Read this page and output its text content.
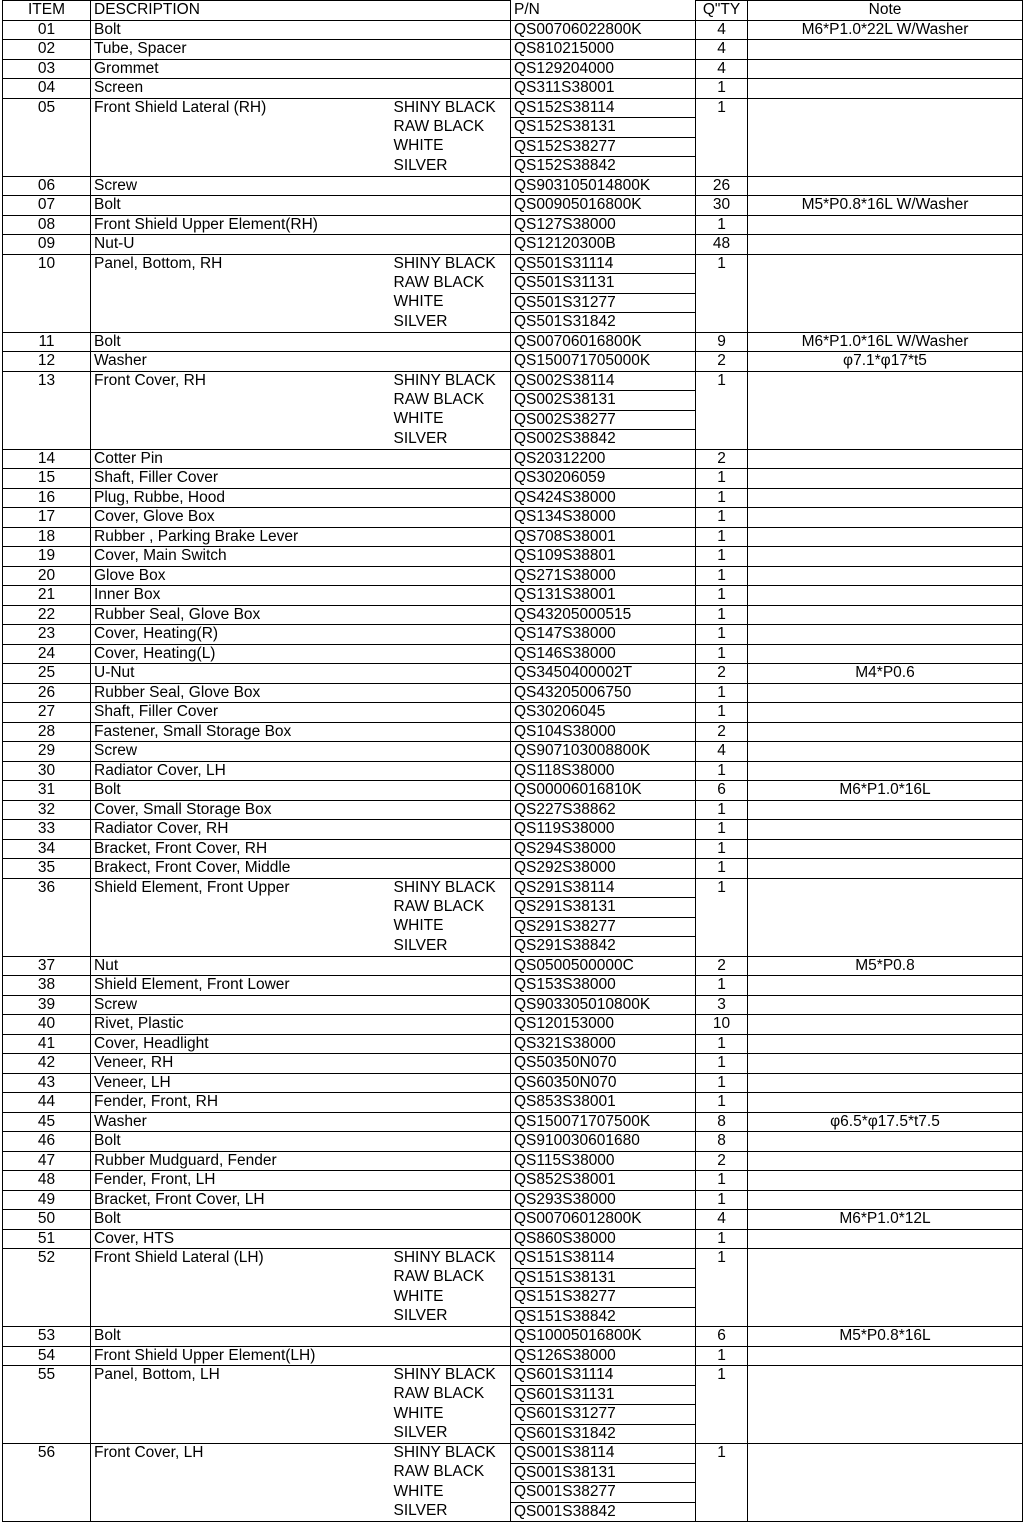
ITEM	DESCRIPTION		P/N	Q"TY	Note
01	Bolt		QS00706022800K	4	M6*P1.0*22L W/Washer
02	Tube, Spacer		QS810215000	4	
03	Grommet		QS129204000	4	
04	Screen		QS311S38001	1	
05	Front Shield Lateral (RH)	SHINY BLACK	QS152S38114	1	
		RAW BLACK	QS152S38131		
		WHITE	QS152S38277		
		SILVER	QS152S38842		
06	Screw		QS903105014800K	26	
07	Bolt		QS00905016800K	30	M5*P0.8*16L W/Washer
08	Front Shield Upper Element(RH)		QS127S38000	1	
09	Nut-U		QS12120300B	48	
10	Panel, Bottom, RH	SHINY BLACK	QS501S31114	1	
		RAW BLACK	QS501S31131		
		WHITE	QS501S31277		
		SILVER	QS501S31842		
11	Bolt		QS00706016800K	9	M6*P1.0*16L W/Washer
12	Washer		QS150071705000K	2	φ7.1*φ17*t5
13	Front Cover, RH	SHINY BLACK	QS002S38114	1	
		RAW BLACK	QS002S38131		
		WHITE	QS002S38277		
		SILVER	QS002S38842		
14	Cotter Pin		QS20312200	2	
15	Shaft, Filler Cover		QS30206059	1	
16	Plug, Rubbe, Hood		QS424S38000	1	
17	Cover, Glove Box		QS134S38000	1	
18	Rubber , Parking Brake Lever		QS708S38001	1	
19	Cover, Main Switch		QS109S38801	1	
20	Glove Box		QS271S38000	1	
21	Inner Box		QS131S38001	1	
22	Rubber Seal, Glove Box		QS43205000515	1	
23	Cover, Heating(R)		QS147S38000	1	
24	Cover, Heating(L)		QS146S38000	1	
25	U-Nut		QS3450400002T	2	M4*P0.6
26	Rubber Seal, Glove Box		QS43205006750	1	
27	Shaft, Filler Cover		QS30206045	1	
28	Fastener, Small Storage Box		QS104S38000	2	
29	Screw		QS907103008800K	4	
30	Radiator Cover, LH		QS118S38000	1	
31	Bolt		QS00006016810K	6	M6*P1.0*16L
32	Cover, Small Storage Box		QS227S38862	1	
33	Radiator Cover, RH		QS119S38000	1	
34	Bracket, Front Cover, RH		QS294S38000	1	
35	Brakect, Front Cover, Middle		QS292S38000	1	
36	Shield Element, Front Upper	SHINY BLACK	QS291S38114	1	
		RAW BLACK	QS291S38131		
		WHITE	QS291S38277		
		SILVER	QS291S38842		
37	Nut		QS0500500000C	2	M5*P0.8
38	Shield Element, Front Lower		QS153S38000	1	
39	Screw		QS903305010800K	3	
40	Rivet, Plastic		QS120153000	10	
41	Cover, Headlight		QS321S38000	1	
42	Veneer, RH		QS50350N070	1	
43	Veneer, LH		QS60350N070	1	
44	Fender, Front, RH		QS853S38001	1	
45	Washer		QS150071707500K	8	φ6.5*φ17.5*t7.5
46	Bolt		QS910030601680	8	
47	Rubber Mudguard, Fender		QS115S38000	2	
48	Fender, Front, LH		QS852S38001	1	
49	Bracket, Front Cover, LH		QS293S38000	1	
50	Bolt		QS00706012800K	4	M6*P1.0*12L
51	Cover, HTS		QS860S38000	1	
52	Front Shield Lateral (LH)	SHINY BLACK	QS151S38114	1	
		RAW BLACK	QS151S38131		
		WHITE	QS151S38277		
		SILVER	QS151S38842		
53	Bolt		QS10005016800K	6	M5*P0.8*16L
54	Front Shield Upper Element(LH)		QS126S38000	1	
55	Panel, Bottom, LH	SHINY BLACK	QS601S31114	1	
		RAW BLACK	QS601S31131		
		WHITE	QS601S31277		
		SILVER	QS601S31842		
56	Front Cover, LH	SHINY BLACK	QS001S38114	1	
		RAW BLACK	QS001S38131		
		WHITE	QS001S38277		
		SILVER	QS001S38842		
